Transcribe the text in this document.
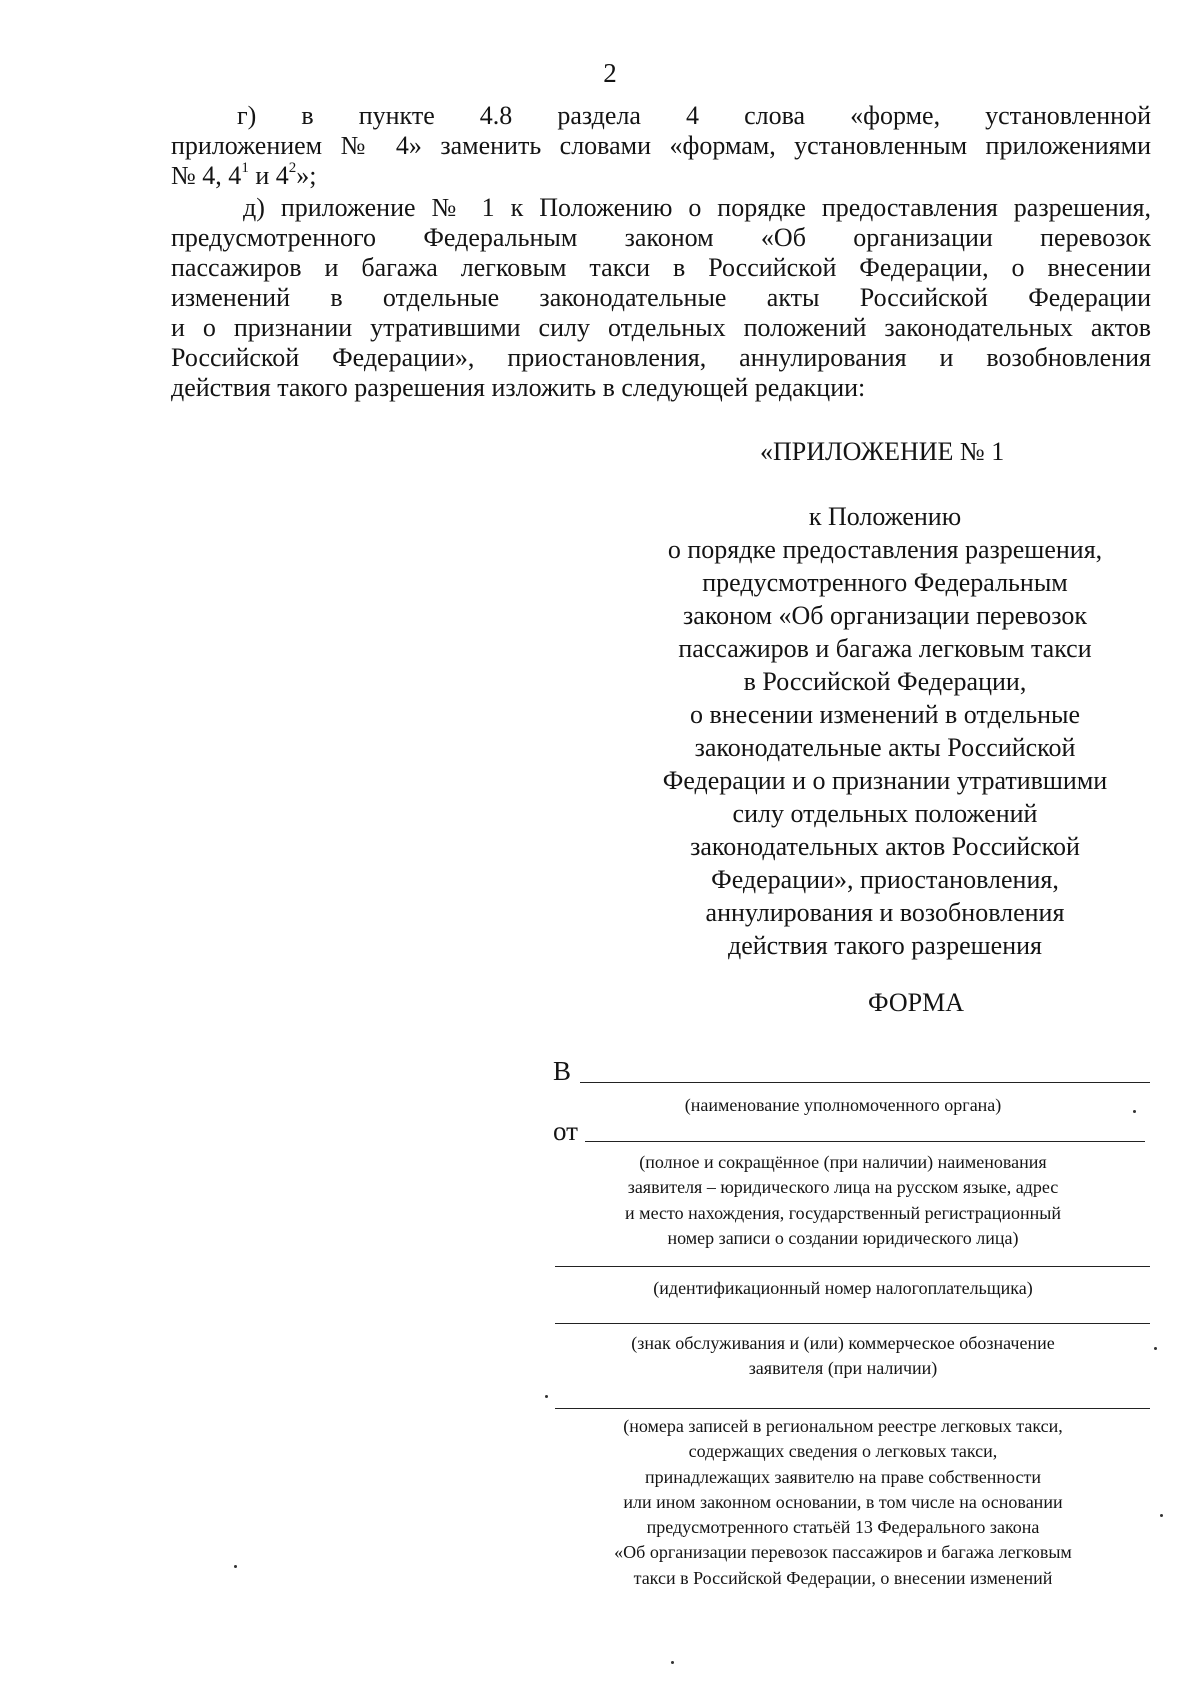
2

г) в пункте 4.8 раздела 4 слова «форме, установленной

приложением № 4» заменить словами «формам, установленным приложениями

№ 4, $4^1$ и $4^2$»;

д) приложение № 1 к Положению о порядке предоставления разрешения,

предусмотренного Федеральным законом «Об организации перевозок

пассажиров и багажа легковым такси в Российской Федерации, о внесении

изменений в отдельные законодательные акты Российской Федерации

и о признании утратившими силу отдельных положений законодательных актов

Российской Федерации», приостановления, аннулирования и возобновления

действия такого разрешения изложить в следующей редакции:

«ПРИЛОЖЕНИЕ № 1
к Положению
о порядке предоставления разрешения,
предусмотренного Федеральным
законом «Об организации перевозок
пассажиров и багажа легковым такси
в Российской Федерации,
о внесении изменений в отдельные
законодательные акты Российской
Федерации и о признании утратившими
силу отдельных положений
законодательных актов Российской
Федерации», приостановления,
аннулирования и возобновления
действия такого разрешения
ФОРМА
В
(наименование уполномоченного органа)
от
(полное и сокращённое (при наличии) наименования
заявителя – юридического лица на русском языке, адрес
и место нахождения, государственный регистрационный
номер записи о создании юридического лица)
(идентификационный номер налогоплательщика)
(знак обслуживания и (или) коммерческое обозначение
заявителя (при наличии)
(номера записей в региональном реестре легковых такси,
содержащих сведения о легковых такси,
принадлежащих заявителю на праве собственности
или ином законном основании, в том числе на основании
предусмотренного статьёй 13 Федерального закона
«Об организации перевозок пассажиров и багажа легковым
такси в Российской Федерации, о внесении изменений
